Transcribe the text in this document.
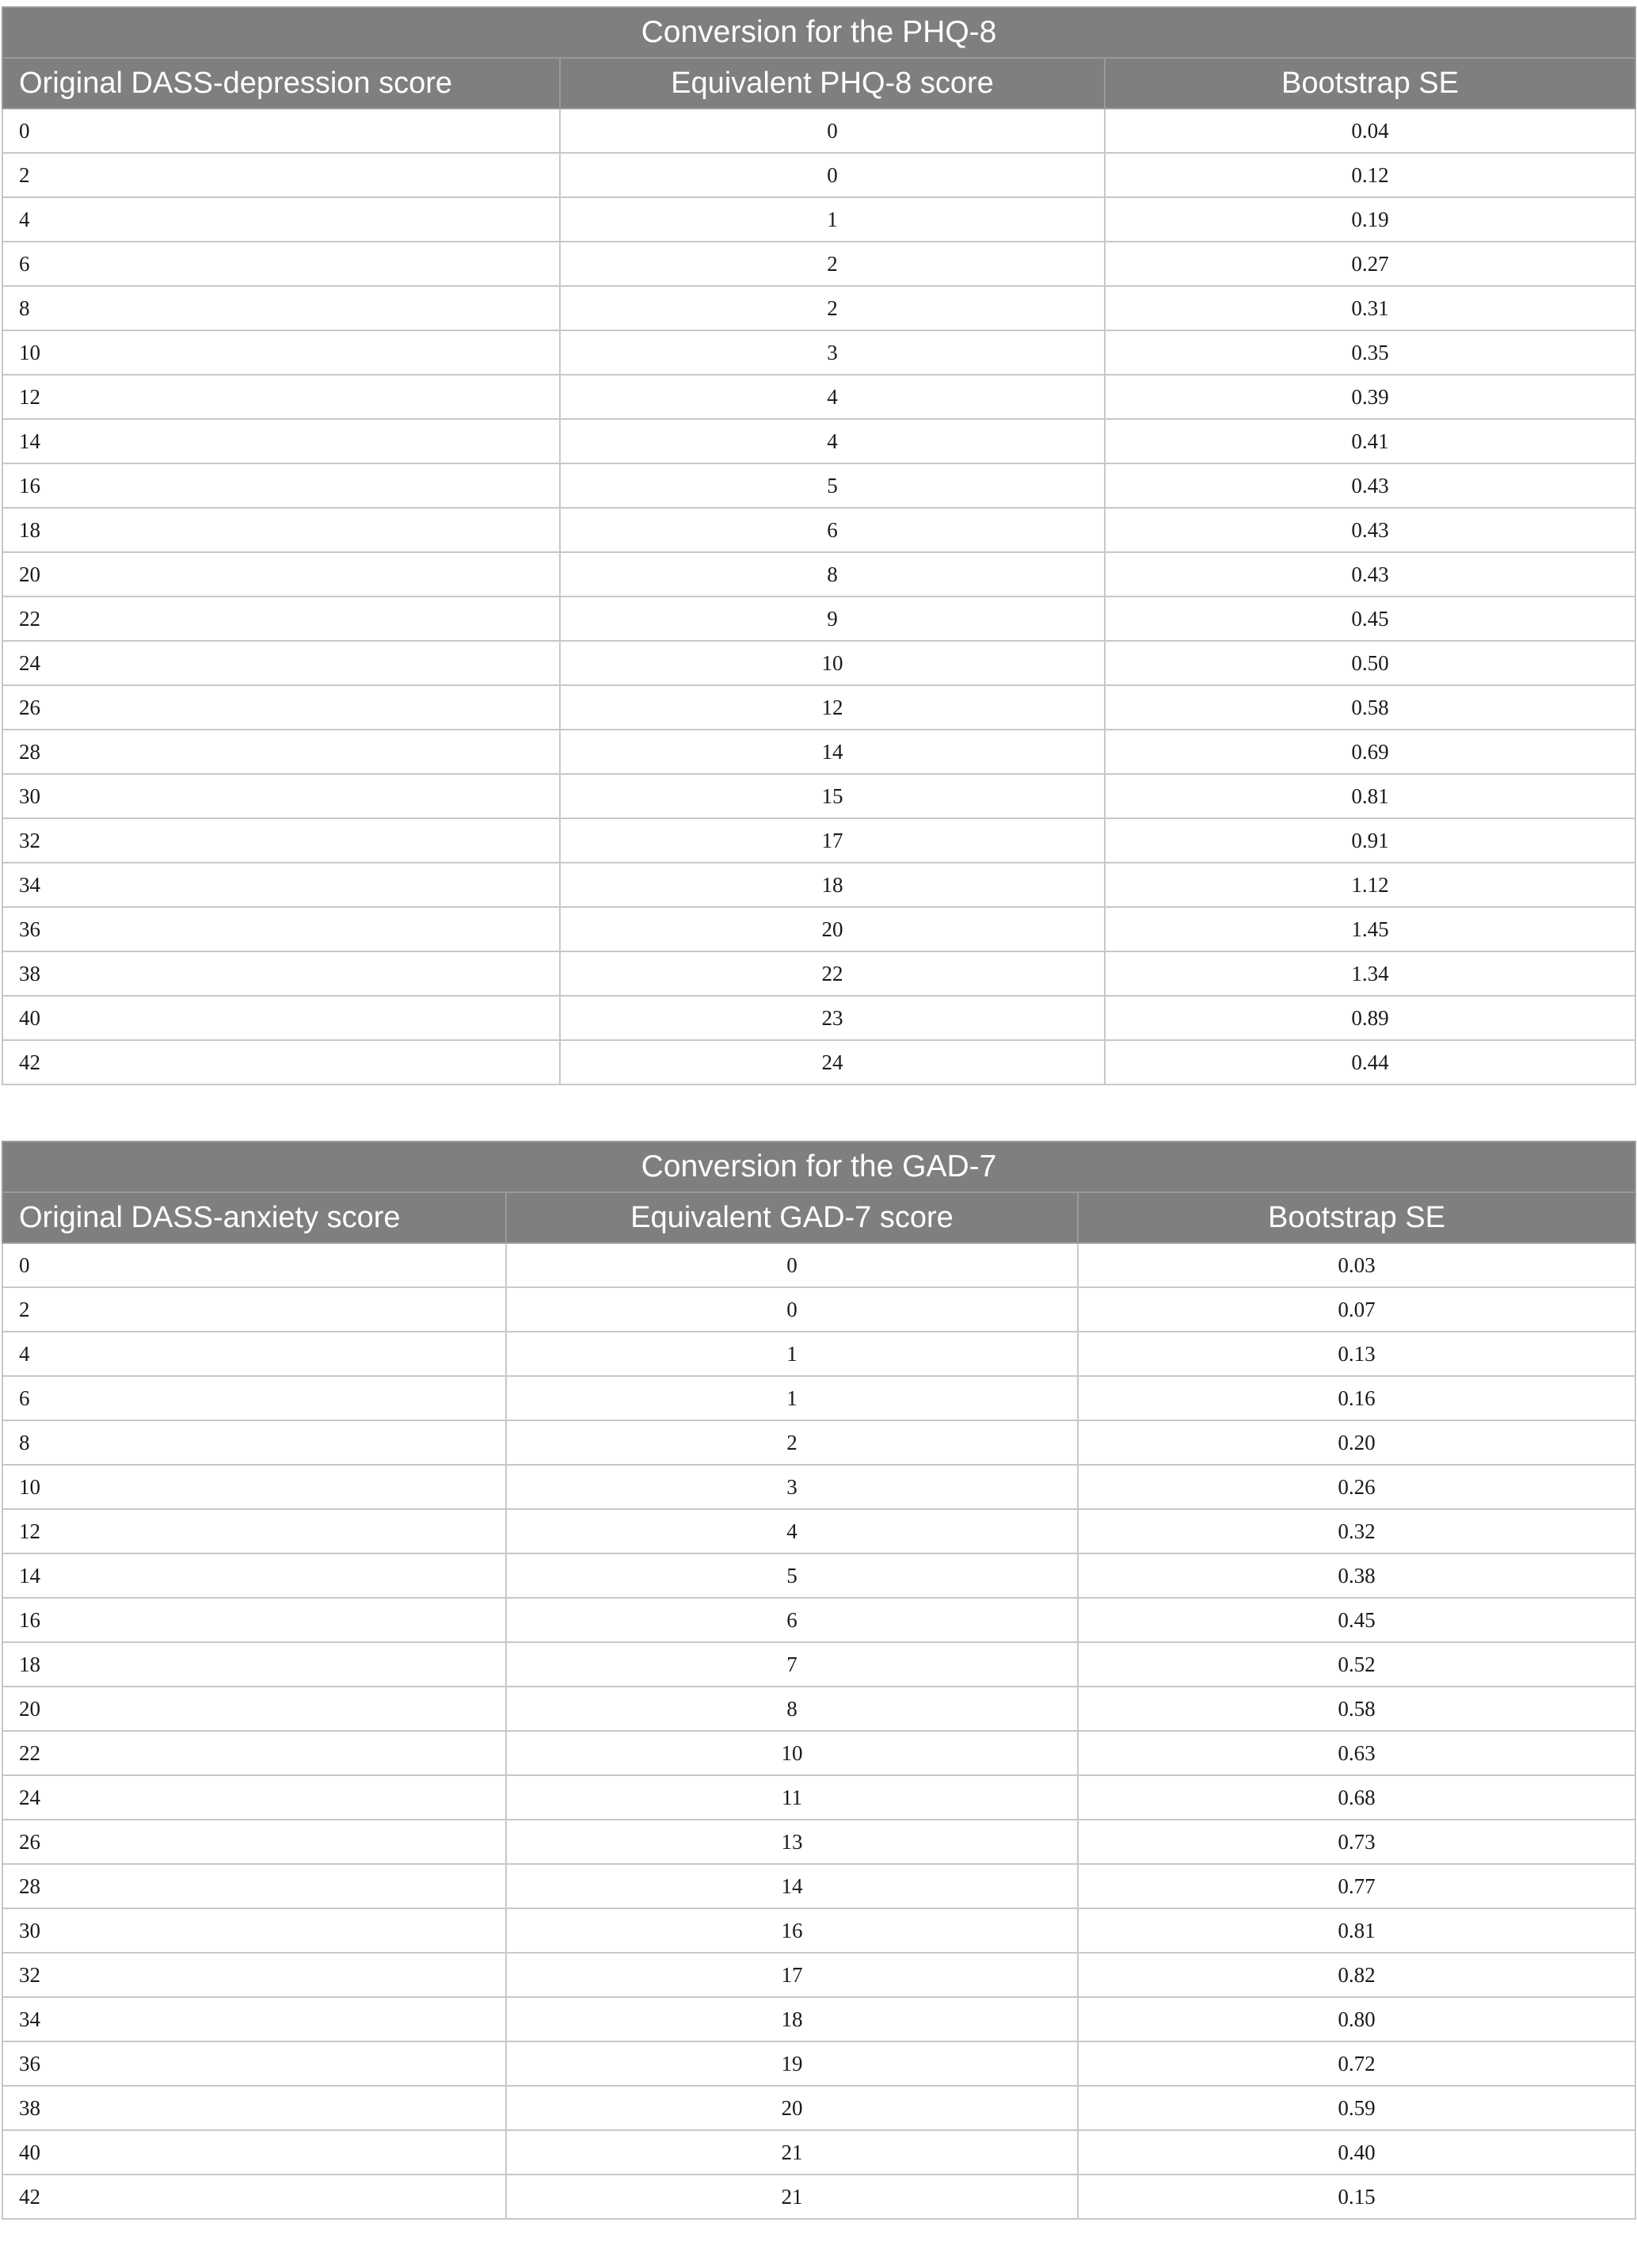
Conversion for the PHQ-8		
Original DASS-depression score	Equivalent PHQ-8 score	Bootstrap SE
0	0	0.04
2	0	0.12
4	1	0.19
6	2	0.27
8	2	0.31
10	3	0.35
12	4	0.39
14	4	0.41
16	5	0.43
18	6	0.43
20	8	0.43
22	9	0.45
24	10	0.50
26	12	0.58
28	14	0.69
30	15	0.81
32	17	0.91
34	18	1.12
36	20	1.45
38	22	1.34
40	23	0.89
42	24	0.44
Conversion for the GAD-7		
Original DASS-anxiety score	Equivalent GAD-7 score	Bootstrap SE
0	0	0.03
2	0	0.07
4	1	0.13
6	1	0.16
8	2	0.20
10	3	0.26
12	4	0.32
14	5	0.38
16	6	0.45
18	7	0.52
20	8	0.58
22	10	0.63
24	11	0.68
26	13	0.73
28	14	0.77
30	16	0.81
32	17	0.82
34	18	0.80
36	19	0.72
38	20	0.59
40	21	0.40
42	21	0.15
